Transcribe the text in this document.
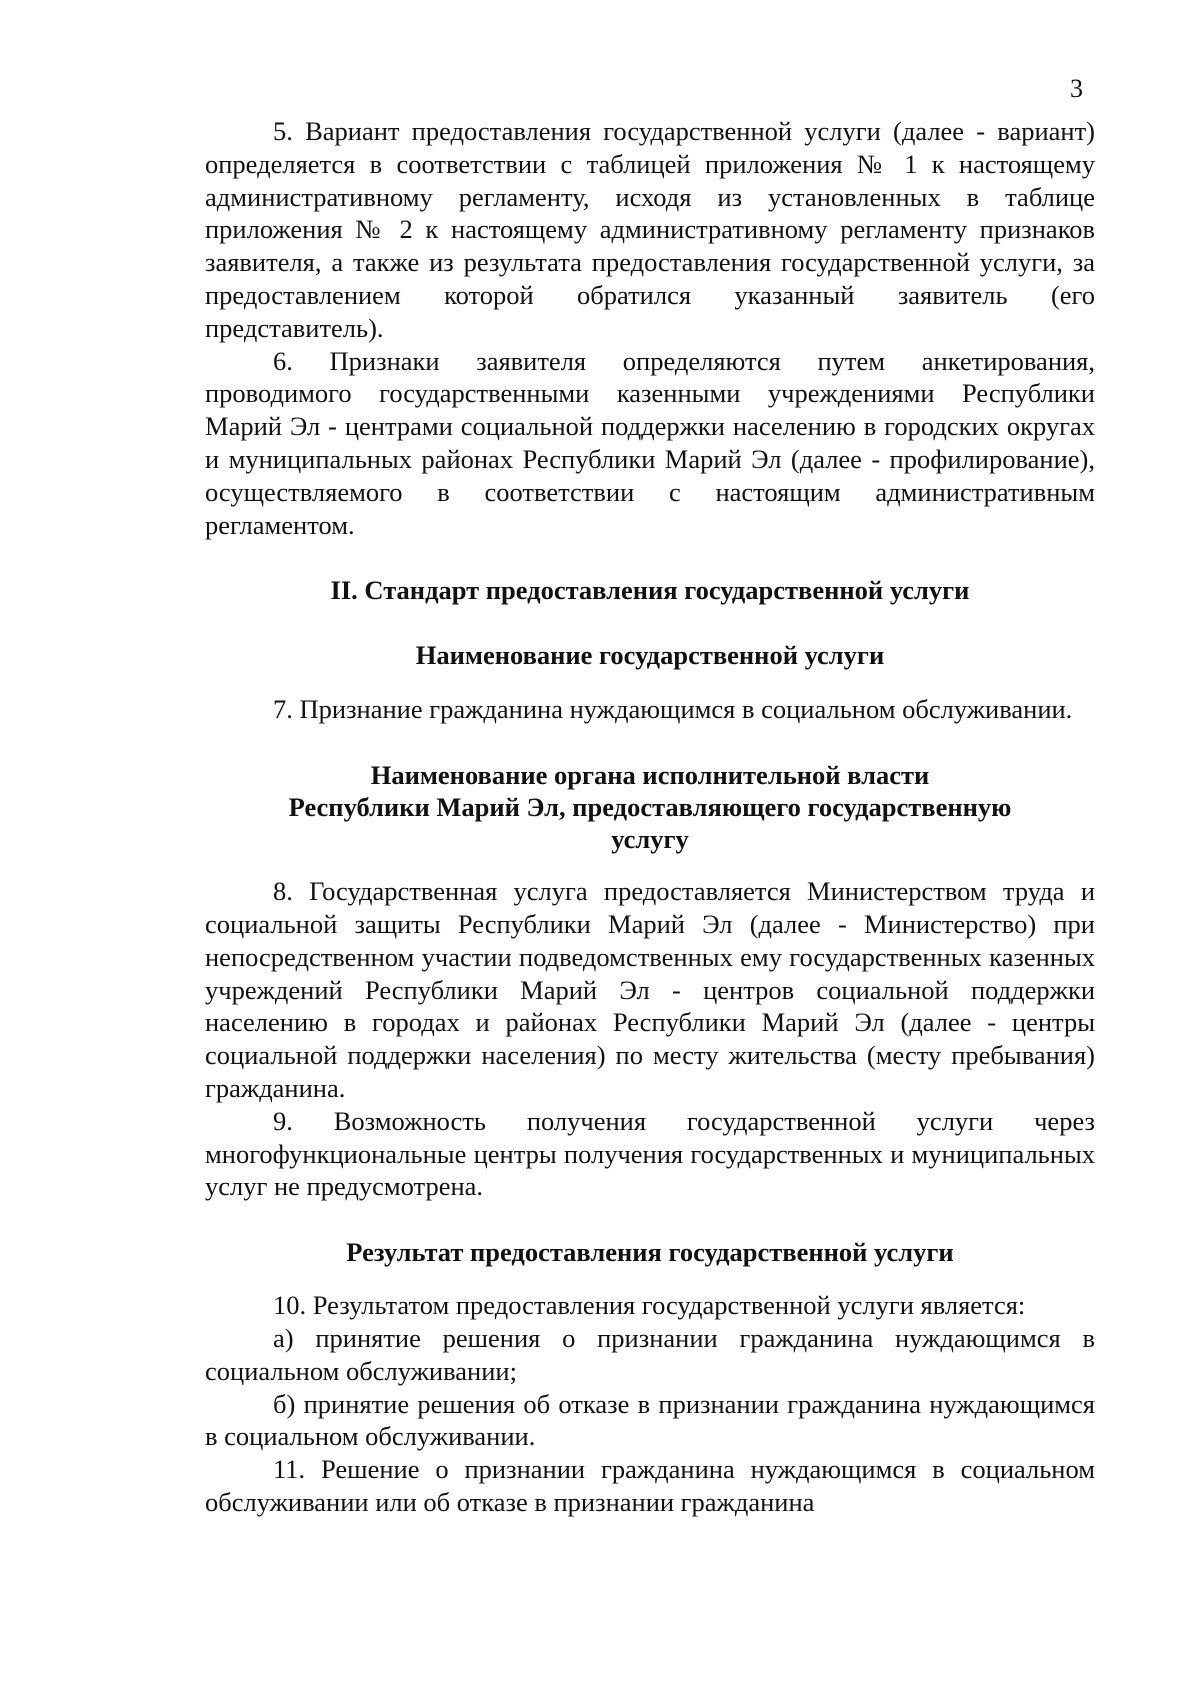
3

5. Вариант предоставления государственной услуги (далее - вариант) определяется в соответствии с таблицей приложения № 1 к настоящему административному регламенту, исходя из установленных в таблице приложения № 2 к настоящему административному регламенту признаков заявителя, а также из результата предоставления государственной услуги, за предоставлением которой обратился указанный заявитель (его представитель).

6. Признаки заявителя определяются путем анкетирования, проводимого государственными казенными учреждениями Республики Марий Эл - центрами социальной поддержки населению в городских округах и муниципальных районах Республики Марий Эл (далее - профилирование), осуществляемого в соответствии с настоящим административным регламентом.

II. Стандарт предоставления государственной услуги

Наименование государственной услуги

7. Признание гражданина нуждающимся в социальном обслуживании.

Наименование органа исполнительной власти
Республики Марий Эл, предоставляющего государственную
услугу

8. Государственная услуга предоставляется Министерством труда и социальной защиты Республики Марий Эл (далее - Министерство) при непосредственном участии подведомственных ему государственных казенных учреждений Республики Марий Эл - центров социальной поддержки населению в городах и районах Республики Марий Эл (далее - центры социальной поддержки населения) по месту жительства (месту пребывания) гражданина.

9. Возможность получения государственной услуги через многофункциональные центры получения государственных и муниципальных услуг не предусмотрена.

Результат предоставления государственной услуги

10. Результатом предоставления государственной услуги является:

а) принятие решения о признании гражданина нуждающимся в социальном обслуживании;

б) принятие решения об отказе в признании гражданина нуждающимся в социальном обслуживании.

11. Решение о признании гражданина нуждающимся в социальном обслуживании или об отказе в признании гражданина
